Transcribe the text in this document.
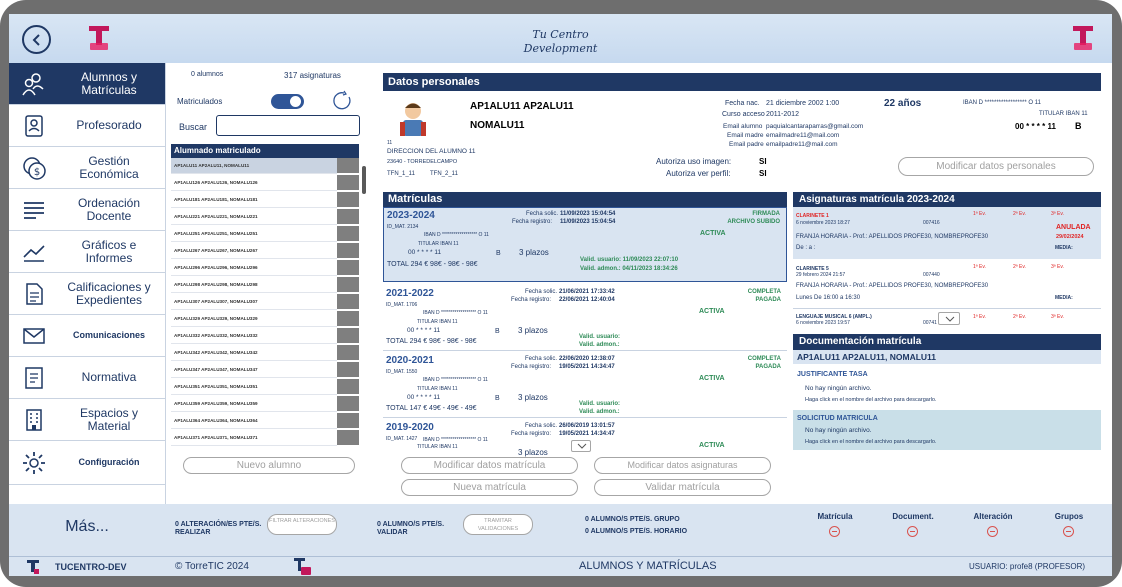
Tu Centro
Development
Alumnos y Matrículas
Profesorado
$
Gestión Económica
Ordenación Docente
Gráficos e Informes
Calificaciones y Expedientes
Comunicaciones
Normativa
Espacios y Material
Configuración
0 alumnos	317 asignaturas
Matriculados
Buscar
Alumnado matriculado
AP1ALU11 AP2ALU11, NOMALU11
AP1ALU126 AP2ALU126, NOMALU126
AP1ALU181 AP2ALU181, NOMALU181
AP1ALU221 AP2ALU221, NOMALU221
AP1ALU251 AP2ALU251, NOMALU251
AP1ALU267 AP2ALU267, NOMALU267
AP1ALU296 AP2ALU296, NOMALU296
AP1ALU298 AP2ALU298, NOMALU298
AP1ALU307 AP2ALU307, NOMALU307
AP1ALU329 AP2ALU329, NOMALU329
AP1ALU332 AP2ALU332, NOMALU332
AP1ALU342 AP2ALU342, NOMALU342
AP1ALU347 AP2ALU347, NOMALU347
AP1ALU351 AP2ALU351, NOMALU351
AP1ALU359 AP2ALU359, NOMALU359
AP1ALU364 AP2ALU364, NOMALU364
AP1ALU371 AP2ALU371, NOMALU371
Nuevo alumno
Datos personales
11
AP1ALU11 AP2ALU11
NOMALU11
Fecha nac. 21 diciembre 2002 1:00	22 años
Curso acceso 2011-2012
Email alumno paquialcantaraparras@gmail.com
Email madre emailmadre11@mail.com
Email padre emailpadre11@mail.com
IBAN D ****************** O 11
TITULAR IBAN 11
00 * * * * 11 B
DIRECCION DEL ALUMNO 11
23640 - TORREDELCAMPO
TFN_1_11	TFN_2_11
Autoriza uso imagen:	SI
Autoriza ver perfil:	SI
Modificar datos personales
Matrículas
2023-2024
ID_MAT. 2134
Fecha solic. 11/09/2023 15:04:54
Fecha registro: 11/09/2023 15:04:54
FIRMADA
ARCHIVO SUBIDO
ACTIVA
IBAN D ****************** O 11
TITULAR IBAN 11
00 * * * * 11	B 3 plazos
TOTAL 294 € 98€ - 98€ - 98€
Valid. usuario: 11/09/2023 22:07:10
Valid. admon.: 04/11/2023 18:34:26
2021-2022
ID_MAT. 1706
Fecha solic. 21/06/2021 17:33:42
Fecha registro: 22/06/2021 12:40:04
COMPLETA
PAGADA
ACTIVA
IBAN D ****************** O 11
TITULAR IBAN 11
00 * * * * 11	B 3 plazos
TOTAL 294 € 98€ - 98€ - 98€
Valid. usuario:
Valid. admon.:
2020-2021
ID_MAT. 1550
Fecha solic. 22/06/2020 12:38:07
Fecha registro: 19/05/2021 14:34:47
COMPLETA
PAGADA
ACTIVA
IBAN D ****************** O 11
TITULAR IBAN 11
00 * * * * 11	B 3 plazos
TOTAL 147 € 49€ - 49€ - 49€
Valid. usuario:
Valid. admon.:
2019-2020
ID_MAT. 1427
Fecha solic. 26/06/2019 13:01:57
Fecha registro: 19/05/2021 14:34:47
ACTIVA
IBAN D ****************** O 11
TITULAR IBAN 11
3 plazos
Modificar datos matrícula	Modificar datos asignaturas
Nueva matrícula	Validar matrícula
Asignaturas matrícula 2023-2024
CLARINETE 1
6 noviembre 2023 18:27	007416
1ª Ev.	2ª Ev.	3ª Ev.
ANULADA
29/02/2024
FRANJA HORARIA - Prof.: APELLIDOS PROFE30, NOMBREPROFE30
De : a :	MEDIA:
CLARINETE 5
29 febrero 2024 21:57	007440
1ª Ev.	2ª Ev.	3ª Ev.
FRANJA HORARIA - Prof.: APELLIDOS PROFE30, NOMBREPROFE30
Lunes De 16:00 a 16:30	MEDIA:
LENGUAJE MUSICAL 6 (AMPL.)
6 noviembre 2023 19:57	00741
1ª Ev.	2ª Ev.	3ª Ev.
Documentación matrícula
AP1ALU11 AP2ALU11, NOMALU11
JUSTIFICANTE TASA
No hay ningún archivo.
Haga click en el nombre del archivo para descargarlo.
SOLICITUD MATRICULA
No hay ningún archivo.
Haga click en el nombre del archivo para descargarlo.
0 ALTERACIÓN/ES PTE/S. REALIZAR
FILTRAR ALTERACIONES	0 ALUMNO/S PTE/S. VALIDAR
TRAMITAR VALIDACIONES
0 ALUMNO/S PTE/S. GRUPO
0 ALUMNO/S PTE/S. HORARIO
Matrícula	Document.	Alteración	Grupos
Más...
TUCENTRO-DEV	© TorreTIC 2024	ALUMNOS Y MATRÍCULAS	USUARIO: profe8 (PROFESOR)
